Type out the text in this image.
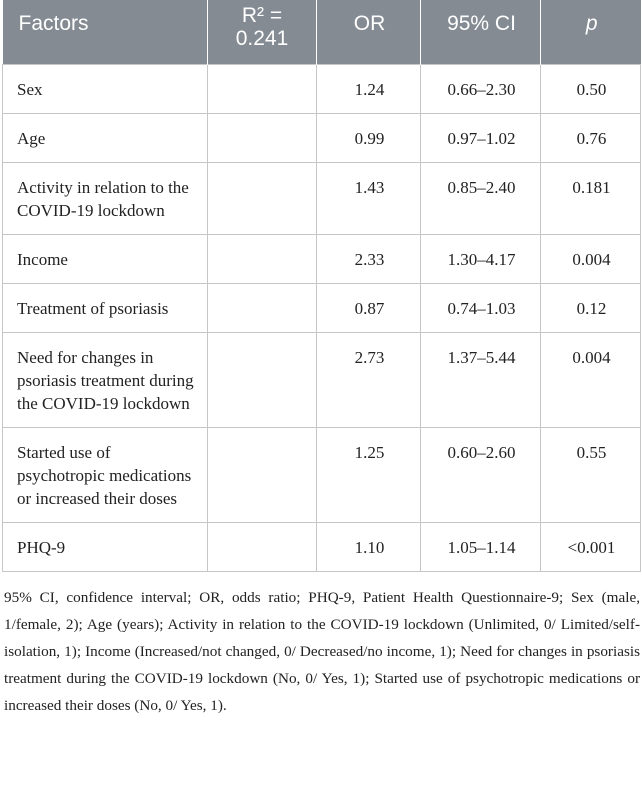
Factors	R² = 0.241	OR	95% CI	p
Sex		1.24	0.66–2.30	0.50
Age		0.99	0.97–1.02	0.76
Activity in relation to the COVID-19 lockdown		1.43	0.85–2.40	0.181
Income		2.33	1.30–4.17	0.004
Treatment of psoriasis		0.87	0.74–1.03	0.12
Need for changes in psoriasis treatment during the COVID-19 lockdown		2.73	1.37–5.44	0.004
Started use of psychotropic medications or increased their doses		1.25	0.60–2.60	0.55
PHQ-9		1.10	1.05–1.14	<0.001

95% CI, confidence interval; OR, odds ratio; PHQ-9, Patient Health Questionnaire-9; Sex (male, 1/female, 2); Age (years); Activity in relation to the COVID-19 lockdown (Unlimited, 0/ Limited/self-isolation, 1); Income (Increased/not changed, 0/ Decreased/no income, 1); Need for changes in psoriasis treatment during the COVID-19 lockdown (No, 0/ Yes, 1); Started use of psychotropic medications or increased their doses (No, 0/ Yes, 1).
